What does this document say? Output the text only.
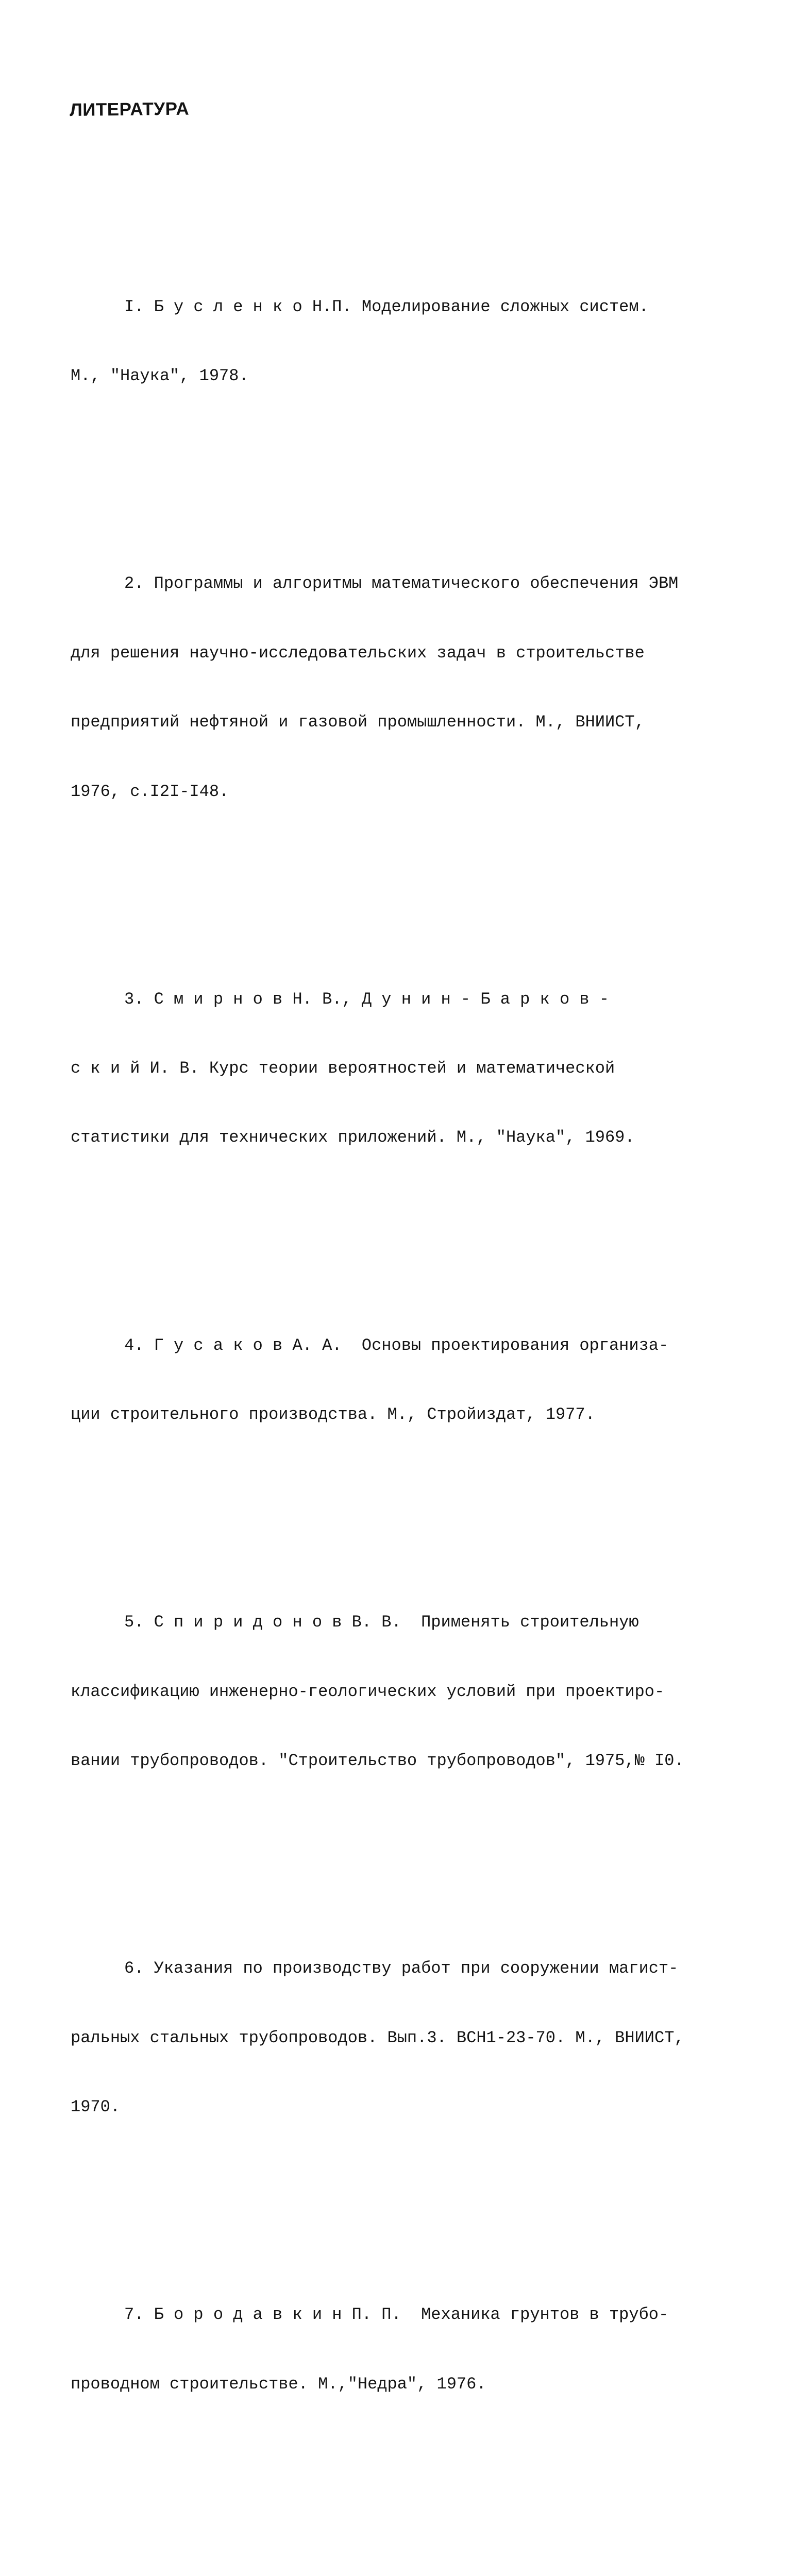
ЛИТЕРАТУРА

I. Б у с л е н к о Н.П. Моделирование сложных систем.

М., "Наука", 1978.

2. Программы и алгоритмы математического обеспечения ЭВМ

для решения научно-исследовательских задач в строительстве

предприятий нефтяной и газовой промышленности. М., ВНИИСТ,

1976, с.I2I-I48.

3. С м и р н о в Н. В., Д у н и н - Б а р к о в -

с к и й И. В. Курс теории вероятностей и математической

статистики для технических приложений. М., "Наука", 1969.

4. Г у с а к о в А. А. Основы проектирования организа-

ции строительного производства. М., Стройиздат, 1977.

5. С п и р и д о н о в В. В. Применять строительную

классификацию инженерно-геологических условий при проектиро-

вании трубопроводов. "Строительство трубопроводов", 1975,№ I0.

6. Указания по производству работ при сооружении магист-

ральных стальных трубопроводов. Вып.3. ВСН1-23-70. М., ВНИИСТ,

1970.

7. Б о р о д а в к и н П. П. Механика грунтов в трубо-

проводном строительстве. М.,"Недра", 1976.
